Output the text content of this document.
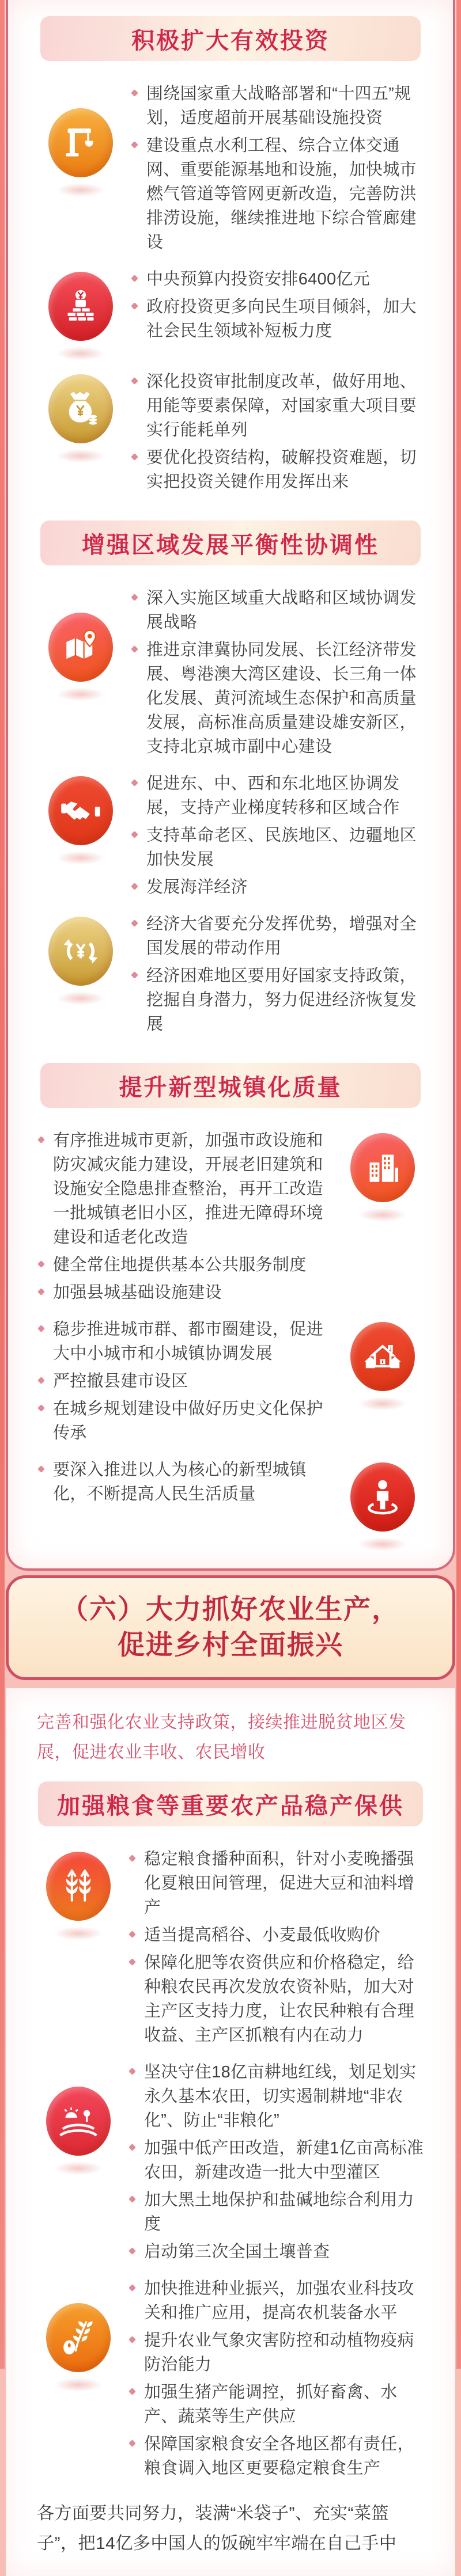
积极扩大有效投资

围绕国家重大战略部署和“十四五”规划，适度超前开展基础设施投资

建设重点水利工程、综合立体交通网、重要能源基地和设施，加快城市燃气管道等管网更新改造，完善防洪排涝设施，继续推进地下综合管廊建设

中央预算内投资安排6400亿元

政府投资更多向民生项目倾斜，加大社会民生领域补短板力度

深化投资审批制度改革，做好用地、用能等要素保障，对国家重大项目要实行能耗单列

要优化投资结构，破解投资难题，切实把投资关键作用发挥出来

增强区域发展平衡性协调性

深入实施区域重大战略和区域协调发展战略

推进京津冀协同发展、长江经济带发展、粤港澳大湾区建设、长三角一体化发展、黄河流域生态保护和高质量发展，高标准高质量建设雄安新区，支持北京城市副中心建设

促进东、中、西和东北地区协调发展，支持产业梯度转移和区域合作

支持革命老区、民族地区、边疆地区加快发展

发展海洋经济

经济大省要充分发挥优势，增强对全国发展的带动作用

经济困难地区要用好国家支持政策，挖掘自身潜力，努力促进经济恢复发展

提升新型城镇化质量

有序推进城市更新，加强市政设施和防灾减灾能力建设，开展老旧建筑和设施安全隐患排查整治，再开工改造一批城镇老旧小区，推进无障碍环境建设和适老化改造

健全常住地提供基本公共服务制度

加强县城基础设施建设

稳步推进城市群、都市圈建设，促进大中小城市和小城镇协调发展

严控撤县建市设区

在城乡规划建设中做好历史文化保护传承

要深入推进以人为核心的新型城镇化，不断提高人民生活质量

（六）大力抓好农业生产，
促进乡村全面振兴

完善和强化农业支持政策，接续推进脱贫地区发展，促进农业丰收、农民增收

加强粮食等重要农产品稳产保供

稳定粮食播种面积，针对小麦晚播强化夏粮田间管理，促进大豆和油料增产

适当提高稻谷、小麦最低收购价

保障化肥等农资供应和价格稳定，给种粮农民再次发放农资补贴，加大对主产区支持力度，让农民种粮有合理收益、主产区抓粮有内在动力

坚决守住18亿亩耕地红线，划足划实永久基本农田，切实遏制耕地“非农化”、防止“非粮化”

加强中低产田改造，新建1亿亩高标准农田，新建改造一批大中型灌区

加大黑土地保护和盐碱地综合利用力度

启动第三次全国土壤普查

加快推进种业振兴，加强农业科技攻关和推广应用，提高农机装备水平

提升农业气象灾害防控和动植物疫病防治能力

加强生猪产能调控，抓好畜禽、水产、蔬菜等生产供应

保障国家粮食安全各地区都有责任，粮食调入地区更要稳定粮食生产

各方面要共同努力，装满“米袋子”、充实“菜篮子”，把14亿多中国人的饭碗牢牢端在自己手中
